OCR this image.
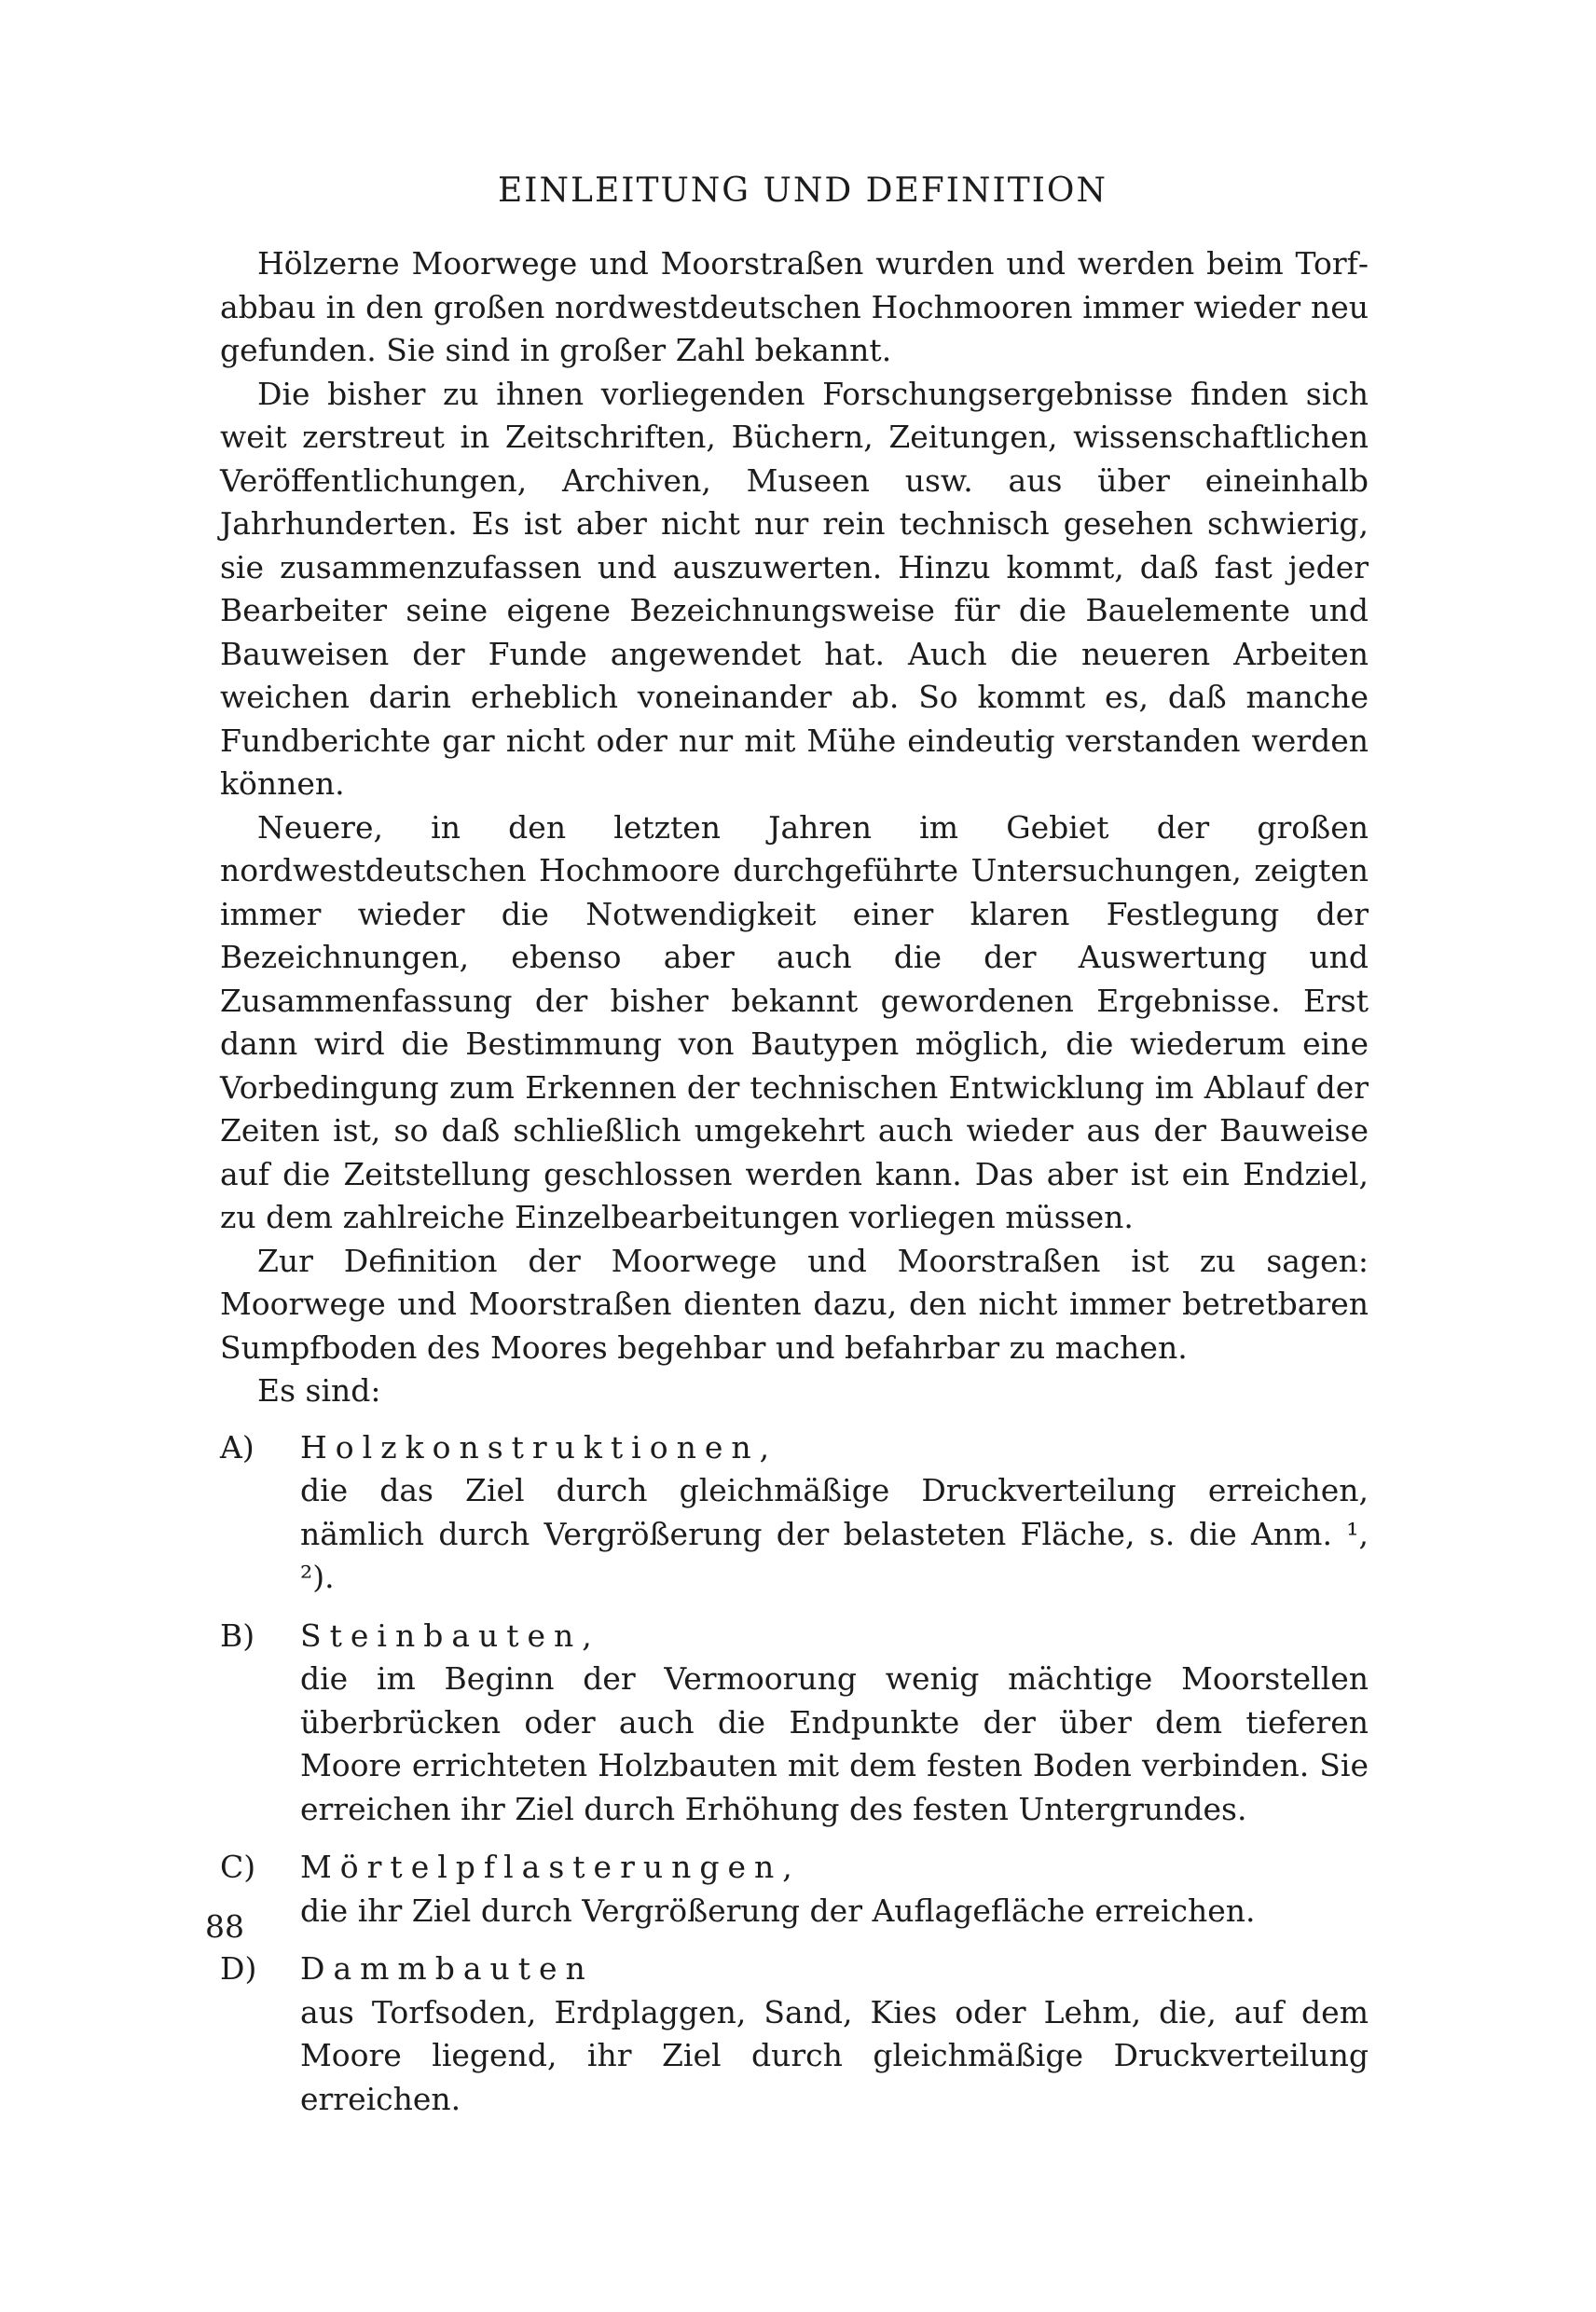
EINLEITUNG UND DEFINITION

Hölzerne Moorwege und Moorstraßen wurden und werden beim Torfabbau in den großen nordwestdeutschen Hochmooren immer wieder neu gefunden. Sie sind in großer Zahl bekannt.

Die bisher zu ihnen vorliegenden Forschungsergebnisse finden sich weit zerstreut in Zeitschriften, Büchern, Zeitungen, wissenschaftlichen Veröffentlichungen, Archiven, Museen usw. aus über eineinhalb Jahrhunderten. Es ist aber nicht nur rein technisch gesehen schwierig, sie zusammenzufassen und auszuwerten. Hinzu kommt, daß fast jeder Bearbeiter seine eigene Bezeichnungsweise für die Bauelemente und Bauweisen der Funde angewendet hat. Auch die neueren Arbeiten weichen darin erheblich voneinander ab. So kommt es, daß manche Fundberichte gar nicht oder nur mit Mühe eindeutig verstanden werden können.

Neuere, in den letzten Jahren im Gebiet der großen nordwestdeutschen Hochmoore durchgeführte Untersuchungen, zeigten immer wieder die Notwendigkeit einer klaren Festlegung der Bezeichnungen, ebenso aber auch die der Auswertung und Zusammenfassung der bisher bekannt gewordenen Ergebnisse. Erst dann wird die Bestimmung von Bautypen möglich, die wiederum eine Vorbedingung zum Erkennen der technischen Entwicklung im Ablauf der Zeiten ist, so daß schließlich umgekehrt auch wieder aus der Bauweise auf die Zeitstellung geschlossen werden kann. Das aber ist ein Endziel, zu dem zahlreiche Einzelbearbeitungen vorliegen müssen.

Zur Definition der Moorwege und Moorstraßen ist zu sagen: Moorwege und Moorstraßen dienten dazu, den nicht immer betretbaren Sumpfboden des Moores begehbar und befahrbar zu machen.

Es sind:

A) Holzkonstruktionen,
die das Ziel durch gleichmäßige Druckverteilung erreichen, nämlich durch Vergrößerung der belasteten Fläche, s. die Anm. ¹, ²).
B) Steinbauten,
die im Beginn der Vermoorung wenig mächtige Moorstellen überbrücken oder auch die Endpunkte der über dem tieferen Moore errichteten Holzbauten mit dem festen Boden verbinden. Sie erreichen ihr Ziel durch Erhöhung des festen Untergrundes.
C) Mörtelpflasterungen,
die ihr Ziel durch Vergrößerung der Auflagefläche erreichen.
D) Dammbauten
aus Torfsoden, Erdplaggen, Sand, Kies oder Lehm, die, auf dem Moore liegend, ihr Ziel durch gleichmäßige Druckverteilung erreichen.
88
